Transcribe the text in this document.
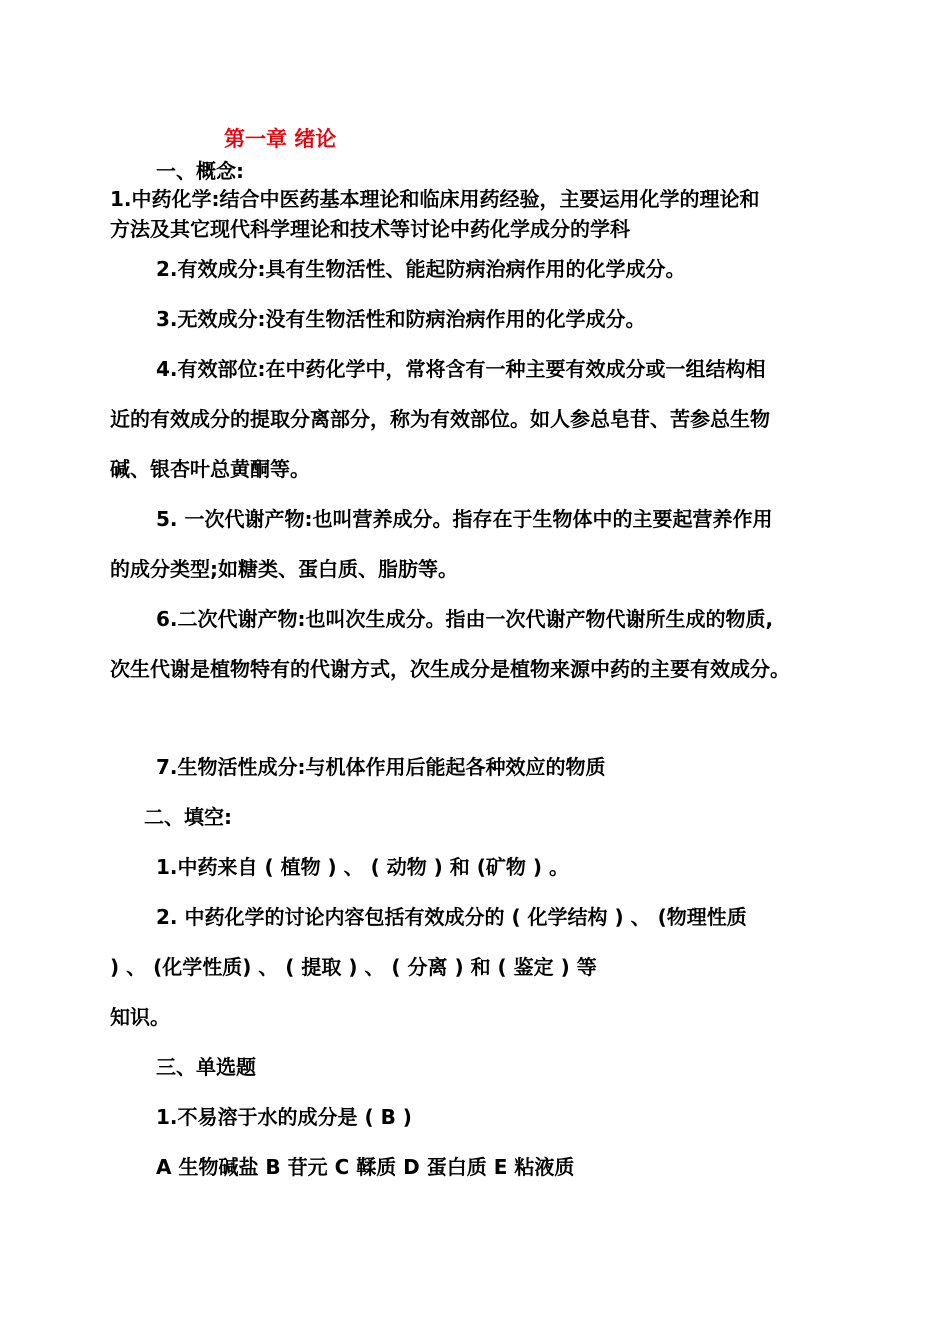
第一章 绪论
一、概念:
1.中药化学:结合中医药基本理论和临床用药经验，主要运用化学的理论和
方法及其它现代科学理论和技术等讨论中药化学成分的学科
2.有效成分:具有生物活性、能起防病治病作用的化学成分。
3.无效成分:没有生物活性和防病治病作用的化学成分。
4.有效部位:在中药化学中，常将含有一种主要有效成分或一组结构相
近的有效成分的提取分离部分，称为有效部位。如人参总皂苷、苦参总生物
碱、银杏叶总黄酮等。
5. 一次代谢产物:也叫营养成分。指存在于生物体中的主要起营养作用
的成分类型;如糖类、蛋白质、脂肪等。
6.二次代谢产物:也叫次生成分。指由一次代谢产物代谢所生成的物质,
次生代谢是植物特有的代谢方式，次生成分是植物来源中药的主要有效成分。
7.生物活性成分:与机体作用后能起各种效应的物质
二、填空:
1.中药来自 ( 植物 ) 、 ( 动物 ) 和 (矿物 ) 。
2. 中药化学的讨论内容包括有效成分的 ( 化学结构 ) 、 (物理性质
) 、 (化学性质) 、 ( 提取 ) 、 ( 分离 ) 和 ( 鉴定 ) 等
知识。
三、单选题
1.不易溶于水的成分是 ( B )
A 生物碱盐 B 苷元 C 鞣质 D 蛋白质 E 粘液质
